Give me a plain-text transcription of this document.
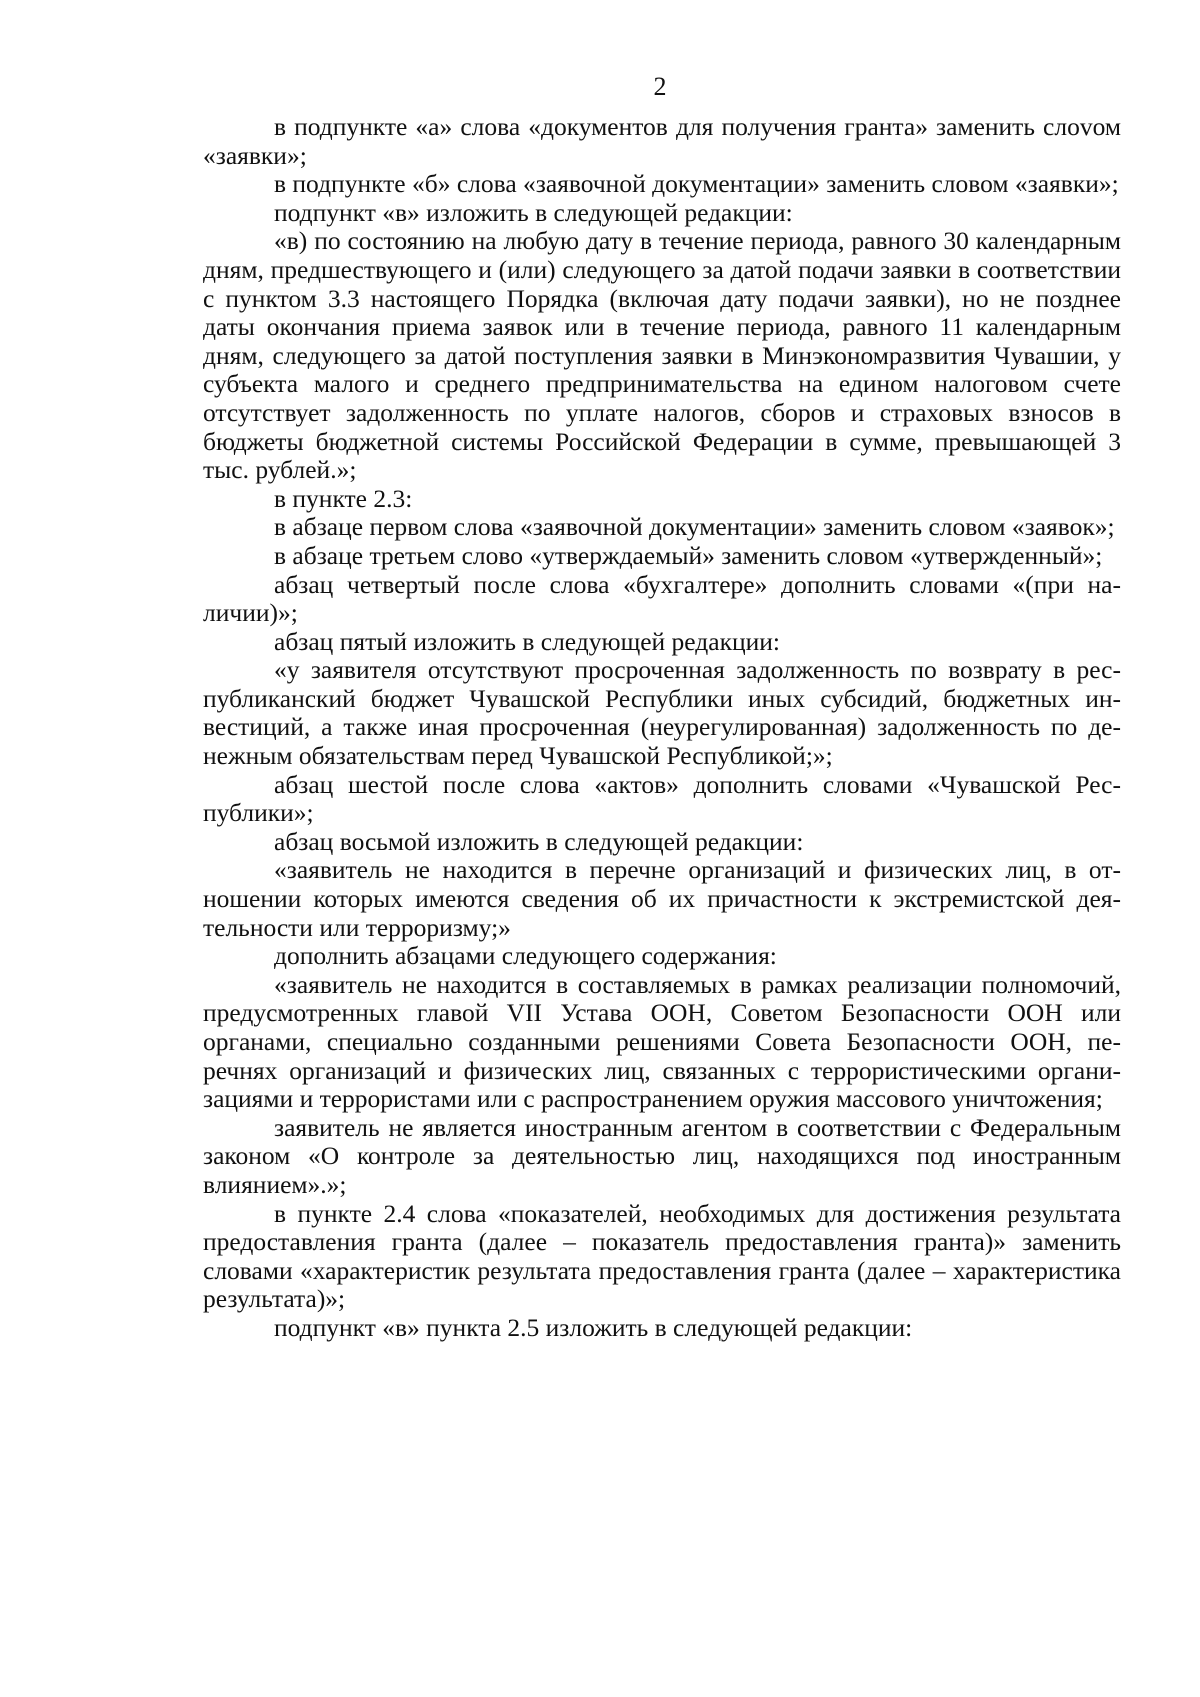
2

в подпункте «а» слова «документов для получения гранта» заменить слоvом «заявки»;

в подпункте «б» слова «заявочной документации» заменить словом «заявки»;

подпункт «в» изложить в следующей редакции:

«в) по состоянию на любую дату в течение периода, равного 30 календарным дням, предшествующего и (или) следующего за датой подачи заявки в соответствии с пунктом 3.3 настоящего Порядка (включая дату подачи заявки), но не позднее даты окончания приема заявок или в течение периода, равного 11 календарным дням, следующего за датой поступления заявки в Минэкономразвития Чувашии, у субъекта малого и среднего предпринимательства на едином налоговом счете отсутствует задолженность по уплате налогов, сборов и страховых взносов в бюджеты бюджетной системы Российской Федерации в сумме, превышающей 3 тыс. рублей.»;

в пункте 2.3:

в абзаце первом слова «заявочной документации» заменить словом «заявок»;

в абзаце третьем слово «утверждаемый» заменить словом «утвержденный»;

абзац четвертый после слова «бухгалтере» дополнить словами «(при наличии)»;

абзац пятый изложить в следующей редакции:

«у заявителя отсутствуют просроченная задолженность по возврату в республиканский бюджет Чувашской Республики иных субсидий, бюджетных инвестиций, а также иная просроченная (неурегулированная) задолженность по денежным обязательствам перед Чувашской Республикой;»;

абзац шестой после слова «актов» дополнить словами «Чувашской Республики»;

абзац восьмой изложить в следующей редакции:

«заявитель не находится в перечне организаций и физических лиц, в отношении которых имеются сведения об их причастности к экстремистской деятельности или терроризму;»

дополнить абзацами следующего содержания:

«заявитель не находится в составляемых в рамках реализации полномочий, предусмотренных главой VII Устава ООН, Советом Безопасности ООН или органами, специально созданными решениями Совета Безопасности ООН, перечнях организаций и физических лиц, связанных с террористическими организациями и террористами или с распространением оружия массового уничтожения;

заявитель не является иностранным агентом в соответствии с Федеральным законом «О контроле за деятельностью лиц, находящихся под иностранным влиянием».»;

в пункте 2.4 слова «показателей, необходимых для достижения результата предоставления гранта (далее – показатель предоставления гранта)» заменить словами «характеристик результата предоставления гранта (далее – характеристика результата)»;

подпункт «в» пункта 2.5 изложить в следующей редакции:
